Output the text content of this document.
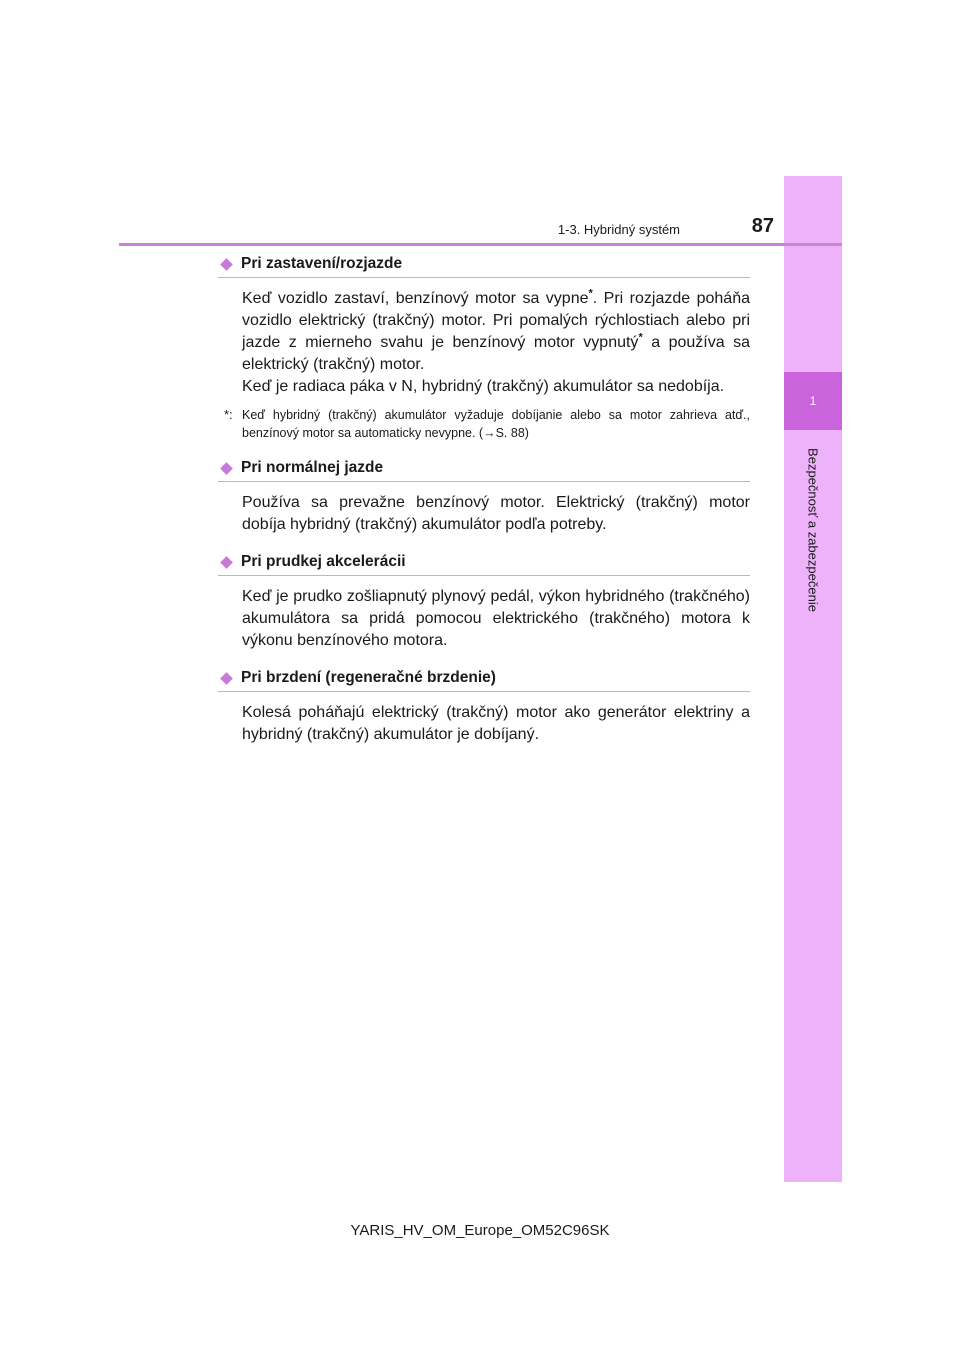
1
Bezpečnosť a zabezpečenie
1-3. Hybridný systém	87
Pri zastavení/rozjazde

Keď vozidlo zastaví, benzínový motor sa vypne*. Pri rozjazde poháňa vozidlo elektrický (trakčný) motor. Pri pomalých rýchlostiach alebo pri jazde z mierneho svahu je benzínový motor vypnutý* a používa sa elektrický (trakčný) motor.

Keď je radiaca páka v N, hybridný (trakčný) akumulátor sa nedobíja.

*: Keď hybridný (trakčný) akumulátor vyžaduje dobíjanie alebo sa motor zahrieva atď., benzínový motor sa automaticky nevypne. (→S. 88)
Pri normálnej jazde

Používa sa prevažne benzínový motor. Elektrický (trakčný) motor dobíja hybridný (trakčný) akumulátor podľa potreby.

Pri prudkej akcelerácii

Keď je prudko zošliapnutý plynový pedál, výkon hybridného (trakčného) akumulátora sa pridá pomocou elektrického (trakčného) motora k výkonu benzínového motora.

Pri brzdení (regeneračné brzdenie)

Kolesá poháňajú elektrický (trakčný) motor ako generátor elektriny a hybridný (trakčný) akumulátor je dobíjaný.

YARIS_HV_OM_Europe_OM52C96SK
